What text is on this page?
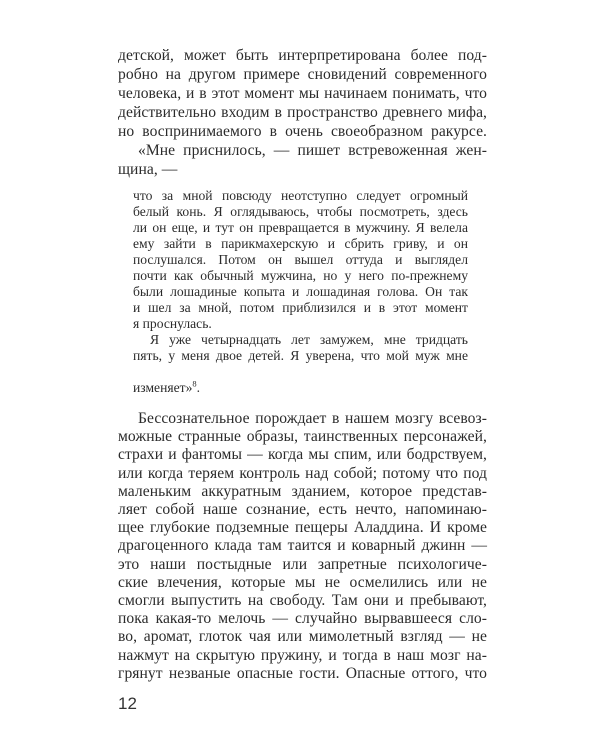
детской, может быть интерпретирована более под-

робно на другом примере сновидений современного

человека, и в этот момент мы начинаем понимать, что

действительно входим в пространство древнего мифа,

но воспринимаемого в очень своеобразном ракурсе.

«Мне приснилось, — пишет встревоженная жен-

щина, —

что за мной повсюду неотступно следует огромный

белый конь. Я оглядываюсь, чтобы посмотреть, здесь

ли он еще, и тут он превращается в мужчину. Я велела

ему зайти в парикмахерскую и сбрить гриву, и он

послушался. Потом он вышел оттуда и выглядел

почти как обычный мужчина, но у него по-прежнему

были лошадиные копыта и лошадиная голова. Он так

и шел за мной, потом приблизился и в этот момент

я проснулась.

Я уже четырнадцать лет замужем, мне тридцать

пять, у меня двое детей. Я уверена, что мой муж мне

изменяет»$^8$.

Бессознательное порождает в нашем мозгу всевоз-

можные странные образы, таинственных персонажей,

страхи и фантомы — когда мы спим, или бодрствуем,

или когда теряем контроль над собой; потому что под

маленьким аккуратным зданием, которое представ-

ляет собой наше сознание, есть нечто, напоминаю-

щее глубокие подземные пещеры Аладдина. И кроме

драгоценного клада там таится и коварный джинн —

это наши постыдные или запретные психологиче-

ские влечения, которые мы не осмелились или не

смогли выпустить на свободу. Там они и пребывают,

пока какая-то мелочь — случайно вырвавшееся сло-

во, аромат, глоток чая или мимолетный взгляд — не

нажмут на скрытую пружину, и тогда в наш мозг на-

грянут незваные опасные гости. Опасные оттого, что

12
